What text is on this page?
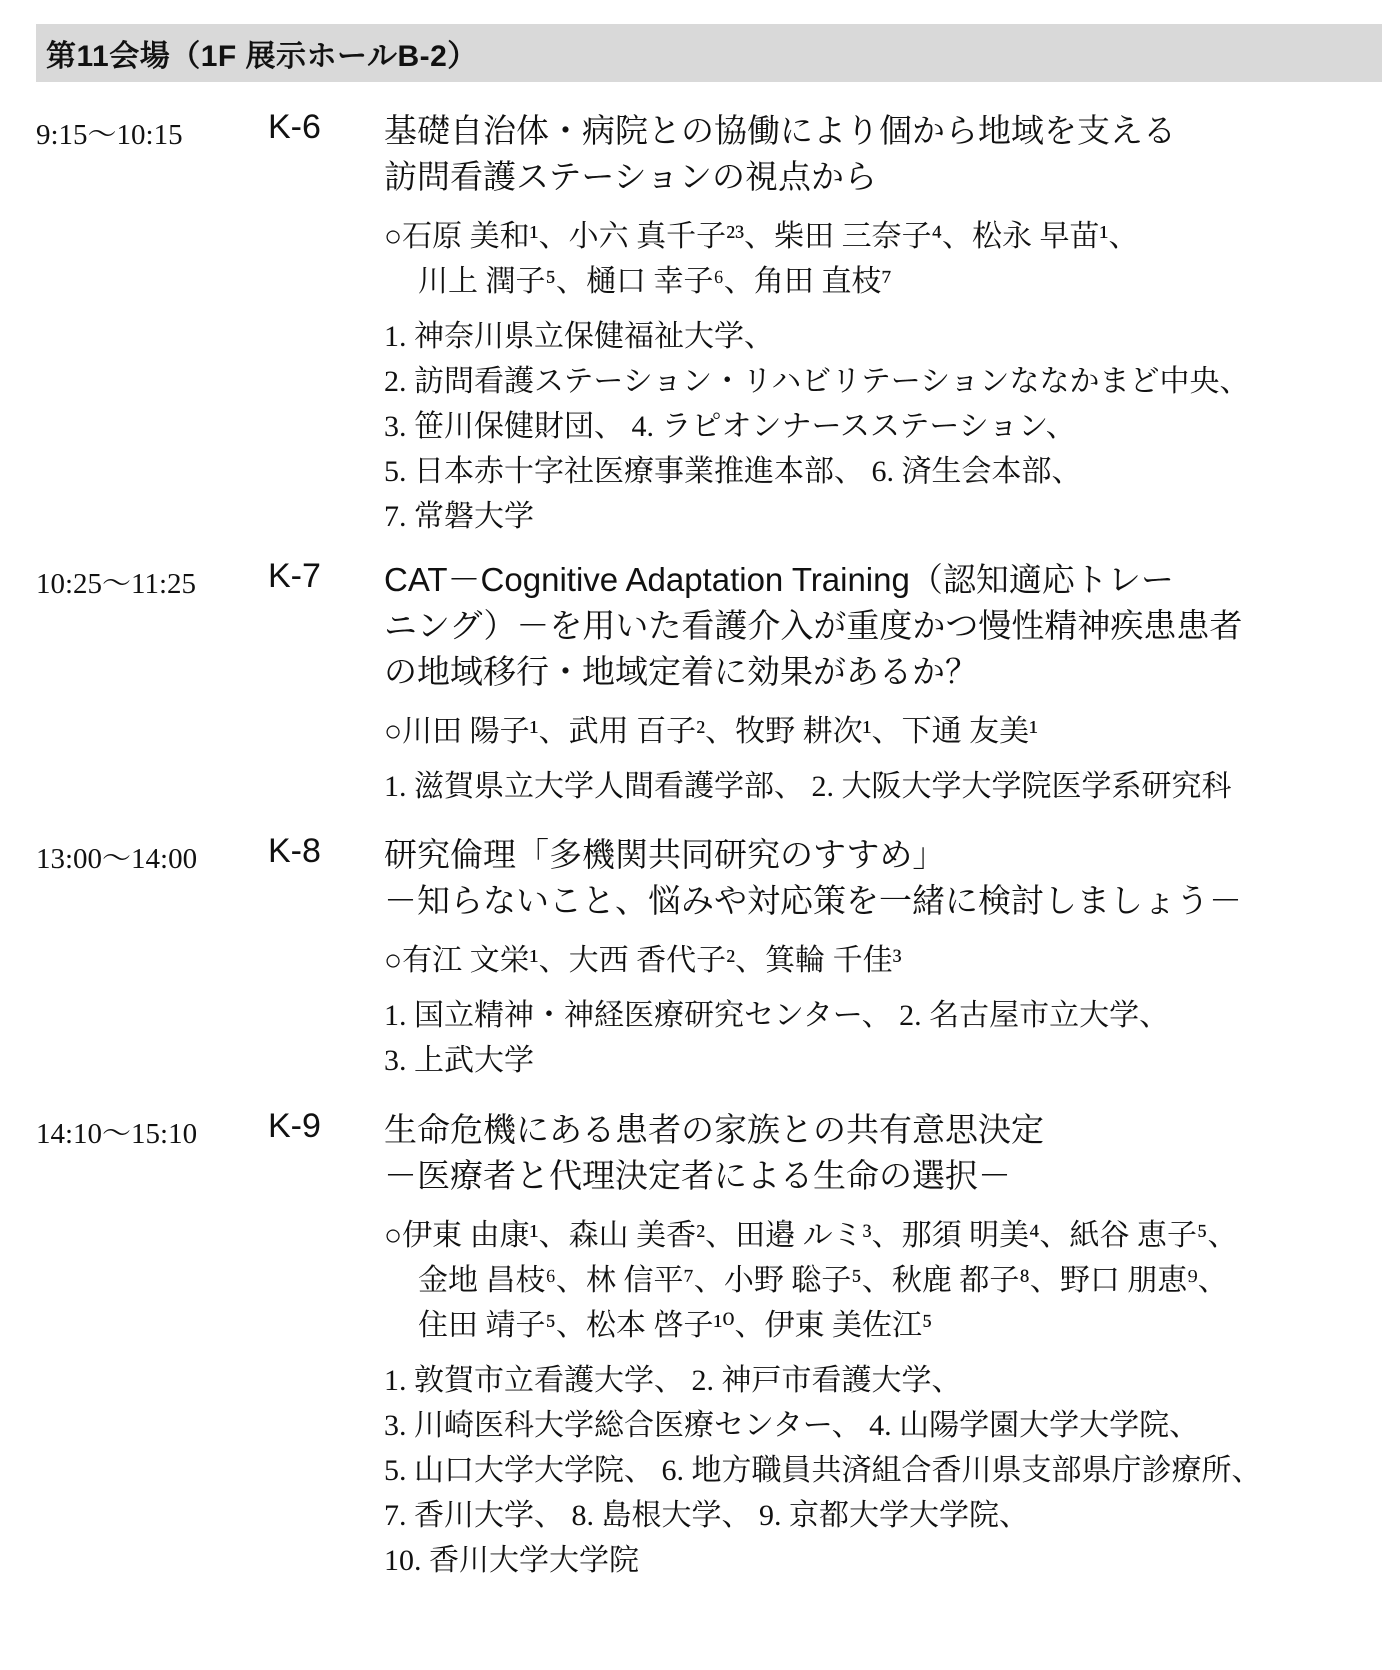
第11会場（1F 展示ホールB-2）
9:15〜10:15	K-6 基礎自治体・病院との協働により個から地域を支える
訪問看護ステーションの視点から
○石原 美和¹、小六 真千子²³、柴田 三奈子⁴、松永 早苗¹、
川上 潤子⁵、樋口 幸子⁶、角田 直枝⁷
1. 神奈川県立保健福祉大学、
2. 訪問看護ステーション・リハビリテーションななかまど中央、
3. 笹川保健財団、 4. ラピオンナースステーション、
5. 日本赤十字社医療事業推進本部、 6. 済生会本部、
7. 常磐大学
10:25〜11:25 K-7 CAT－Cognitive Adaptation Training（認知適応トレー
ニング）－を用いた看護介入が重度かつ慢性精神疾患患者
の地域移行・地域定着に効果があるか？
○川田 陽子¹、武用 百子²、牧野 耕次¹、下通 友美¹
1. 滋賀県立大学人間看護学部、 2. 大阪大学大学院医学系研究科
13:00〜14:00 K-8 研究倫理「多機関共同研究のすすめ」
－知らないこと、悩みや対応策を一緒に検討しましょう－
○有江 文栄¹、大西 香代子²、箕輪 千佳³
1. 国立精神・神経医療研究センター、 2. 名古屋市立大学、
3. 上武大学
14:10〜15:10 K-9 生命危機にある患者の家族との共有意思決定
－医療者と代理決定者による生命の選択－
○伊東 由康¹、森山 美香²、田邉 ルミ³、那須 明美⁴、紙谷 恵子⁵、
金地 昌枝⁶、林 信平⁷、小野 聡子⁵、秋鹿 都子⁸、野口 朋恵⁹、
住田 靖子⁵、松本 啓子¹⁰、伊東 美佐江⁵
1. 敦賀市立看護大学、 2. 神戸市看護大学、
3. 川崎医科大学総合医療センター、 4. 山陽学園大学大学院、
5. 山口大学大学院、 6. 地方職員共済組合香川県支部県庁診療所、
7. 香川大学、 8. 島根大学、 9. 京都大学大学院、
10. 香川大学大学院
